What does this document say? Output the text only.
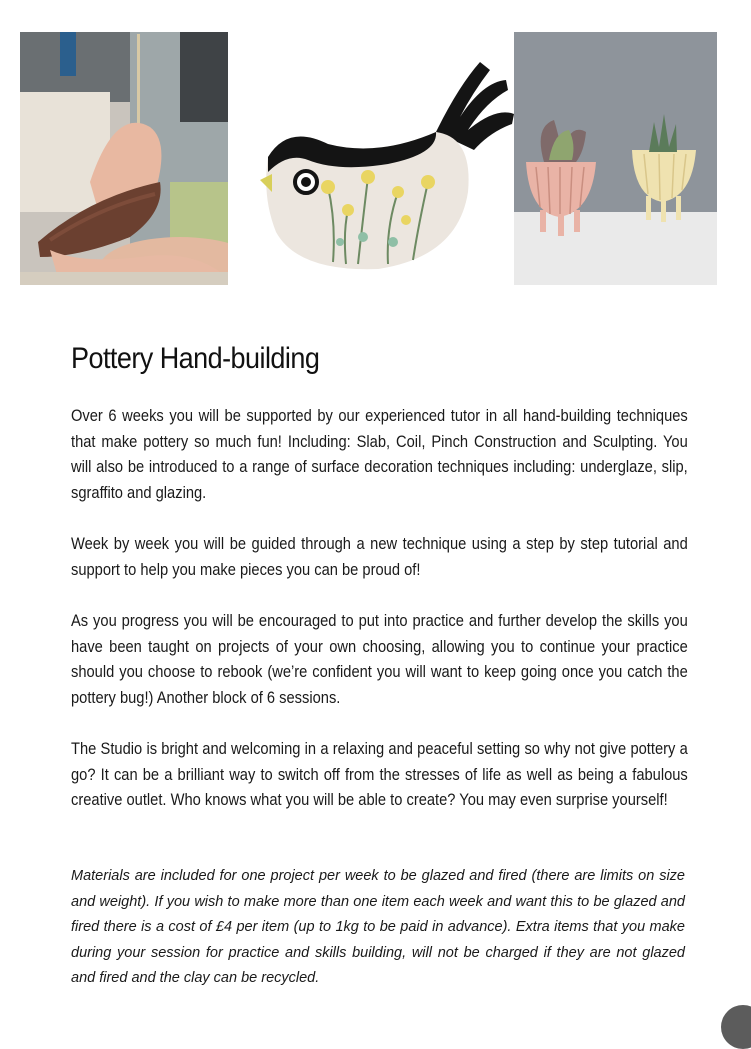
Pottery Hand-building

Over 6 weeks you will be supported by our experienced tutor in all hand-building techniques that make pottery so much fun! Including: Slab, Coil, Pinch Construction and Sculpting. You will also be introduced to a range of surface decoration techniques including: underglaze, slip, sgraffito and glazing.

Week by week you will be guided through a new technique using a step by step tutorial and support to help you make pieces you can be proud of!

As you progress you will be encouraged to put into practice and further develop the skills you have been taught on projects of your own choosing, allowing you to continue your practice should you choose to rebook (we’re confident you will want to keep going once you catch the pottery bug!) Another block of 6 sessions.

The Studio is bright and welcoming in a relaxing and peaceful setting so why not give pottery a go? It can be a brilliant way to switch off from the stresses of life as well as being a fabulous creative outlet. Who knows what you will be able to create? You may even surprise yourself!

Materials are included for one project per week to be glazed and fired (there are limits on size and weight). If you wish to make more than one item each week and want this to be glazed and fired there is a cost of £4 per item (up to 1kg to be paid in advance). Extra items that you make during your session for practice and skills building, will not be charged if they are not glazed and fired and the clay can be recycled.
